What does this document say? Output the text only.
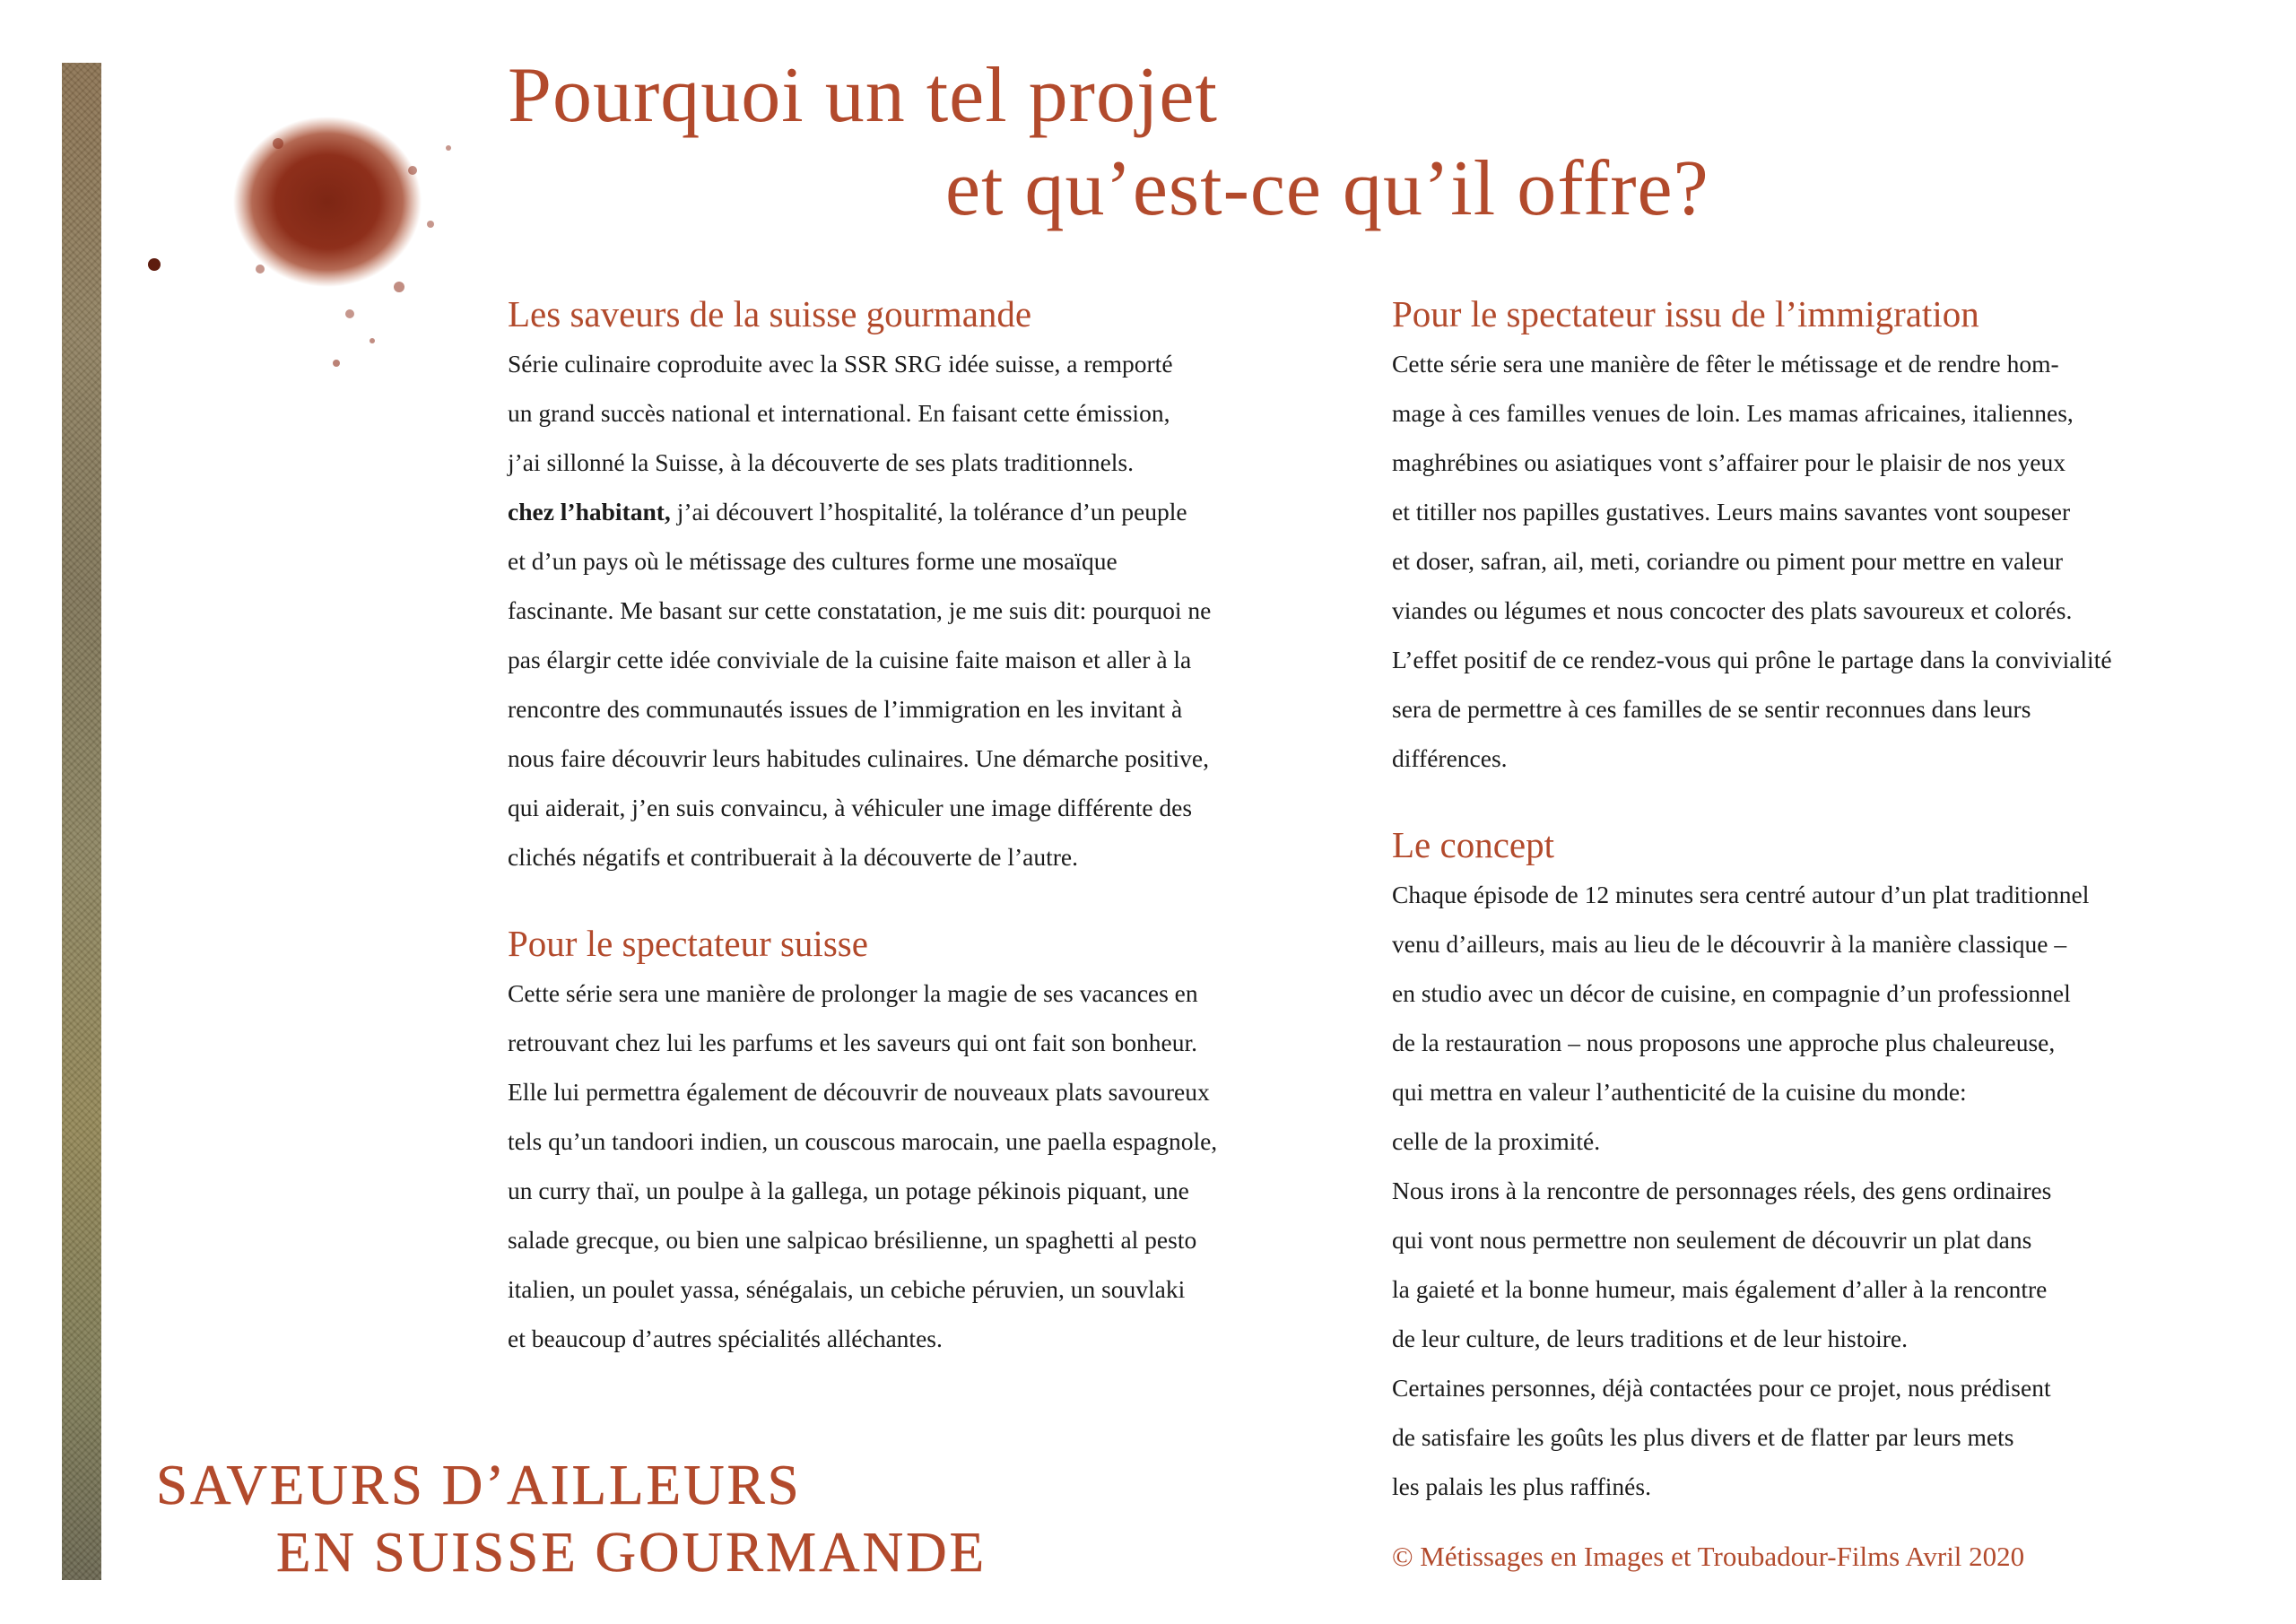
Pourquoi un tel projet
et qu’est-ce qu’il offre?
Les saveurs de la suisse gourmande

Série culinaire coproduite avec la SSR SRG idée suisse, a remporté

un grand succès national et international. En faisant cette émission,

j’ai sillonné la Suisse, à la découverte de ses plats traditionnels.

chez l’habitant, j’ai découvert l’hospitalité, la tolérance d’un peuple

et d’un pays où le métissage des cultures forme une mosaïque

fascinante. Me basant sur cette constatation, je me suis dit: pourquoi ne

pas élargir cette idée conviviale de la cuisine faite maison et aller à la

rencontre des communautés issues de l’immigration en les invitant à

nous faire découvrir leurs habitudes culinaires. Une démarche positive,

qui aiderait, j’en suis convaincu, à véhiculer une image différente des

clichés négatifs et contribuerait à la découverte de l’autre.

Pour le spectateur suisse

Cette série sera une manière de prolonger la magie de ses vacances en

retrouvant chez lui les parfums et les saveurs qui ont fait son bonheur.

Elle lui permettra également de découvrir de nouveaux plats savoureux

tels qu’un tandoori indien, un couscous marocain, une paella espagnole,

un curry thaï, un poulpe à la gallega, un potage pékinois piquant, une

salade grecque, ou bien une salpicao brésilienne, un spaghetti al pesto

italien, un poulet yassa, sénégalais, un cebiche péruvien, un souvlaki

et beaucoup d’autres spécialités alléchantes.

Pour le spectateur issu de l’immigration

Cette série sera une manière de fêter le métissage et de rendre hom-

mage à ces familles venues de loin. Les mamas africaines, italiennes,

maghrébines ou asiatiques vont s’affairer pour le plaisir de nos yeux

et titiller nos papilles gustatives. Leurs mains savantes vont soupeser

et doser, safran, ail, meti, coriandre ou piment pour mettre en valeur

viandes ou légumes et nous concocter des plats savoureux et colorés.

L’effet positif de ce rendez-vous qui prône le partage dans la convivialité

sera de permettre à ces familles de se sentir reconnues dans leurs

différences.

Le concept

Chaque épisode de 12 minutes sera centré autour d’un plat traditionnel

venu d’ailleurs, mais au lieu de le découvrir à la manière classique –

en studio avec un décor de cuisine, en compagnie d’un professionnel

de la restauration – nous proposons une approche plus chaleureuse,

qui mettra en valeur l’authenticité de la cuisine du monde:

celle de la proximité.

Nous irons à la rencontre de personnages réels, des gens ordinaires

qui vont nous permettre non seulement de découvrir un plat dans

la gaieté et la bonne humeur, mais également d’aller à la rencontre

de leur culture, de leurs traditions et de leur histoire.

Certaines personnes, déjà contactées pour ce projet, nous prédisent

de satisfaire les goûts les plus divers et de flatter par leurs mets

les palais les plus raffinés.

SAVEURS D’AILLEURS
EN SUISSE GOURMANDE	© Métissages en Images et Troubadour-Films Avril 2020
